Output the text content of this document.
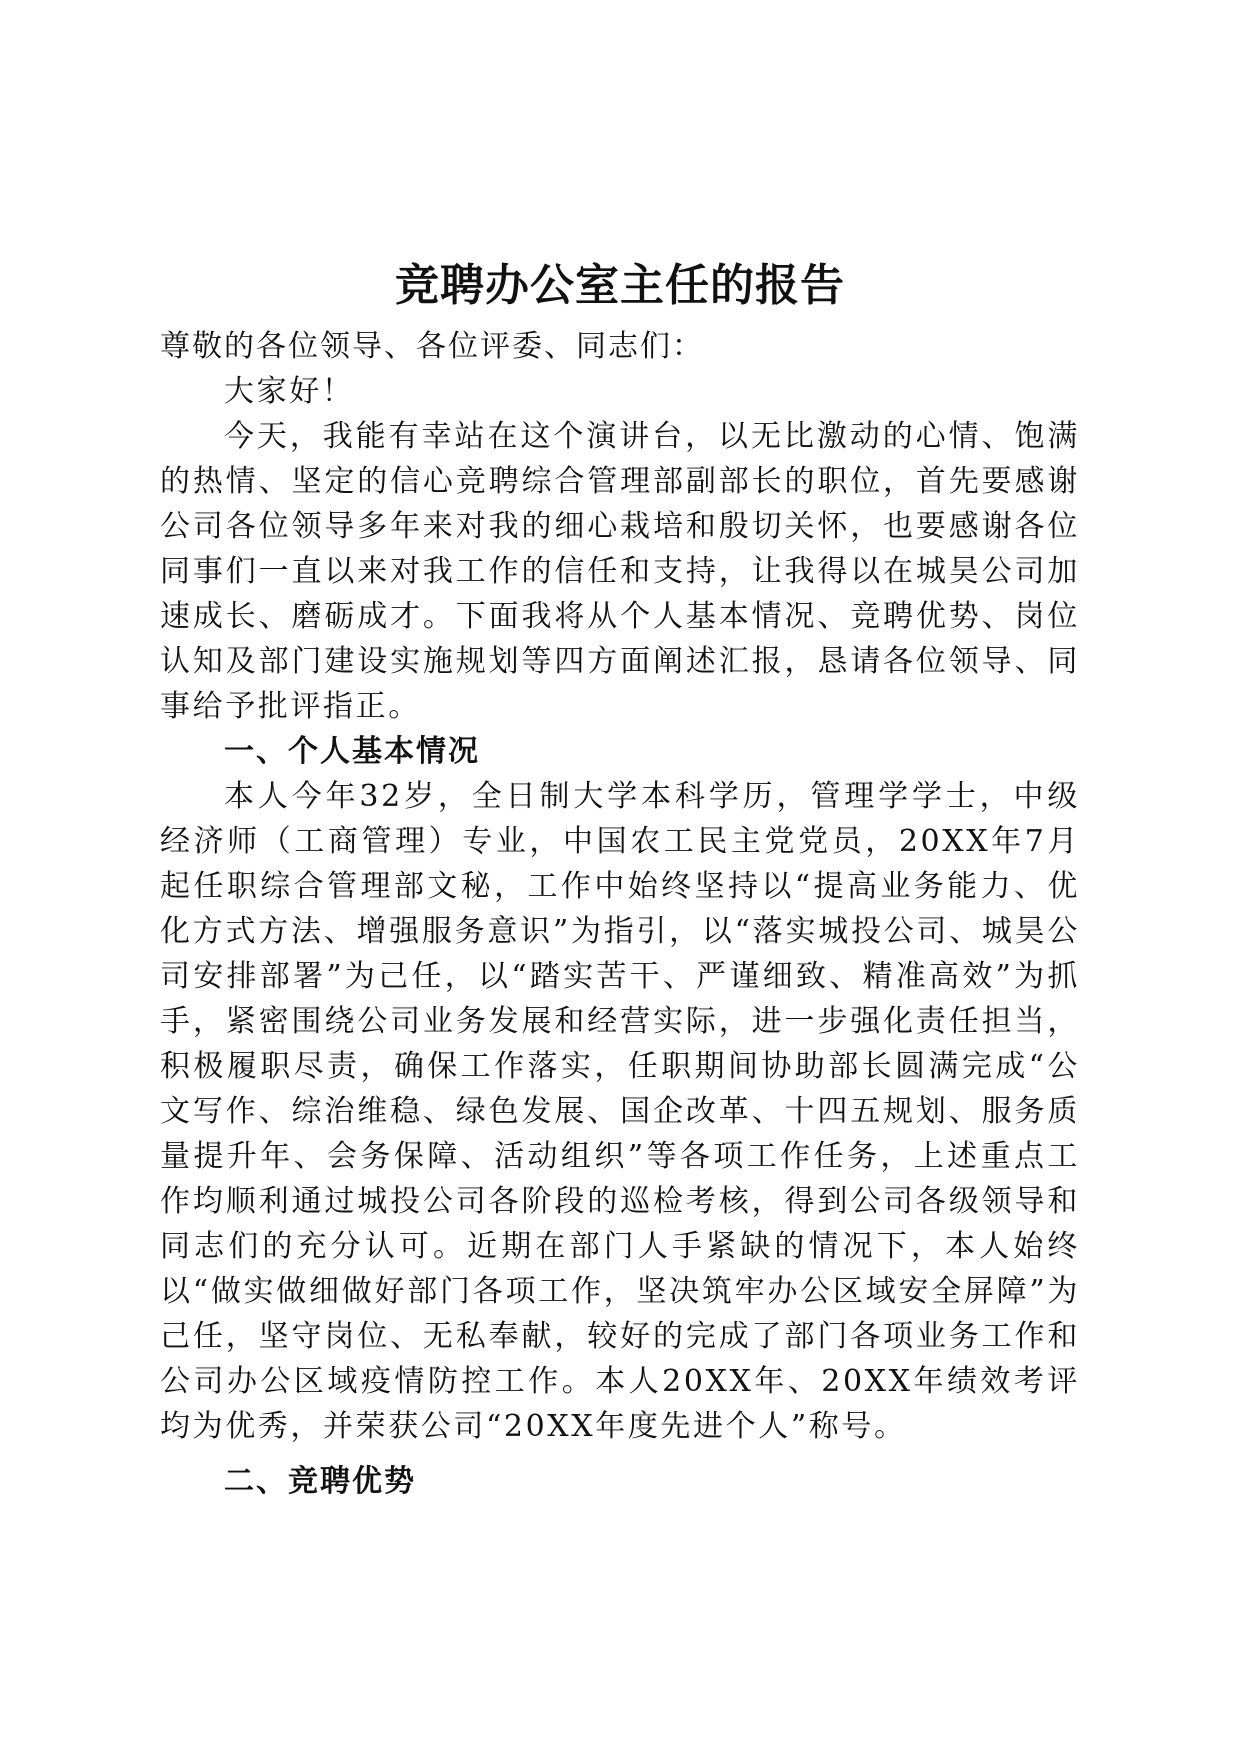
竞聘办公室主任的报告

尊敬的各位领导、各位评委、同志们：

大家好！

今天，我能有幸站在这个演讲台，以无比激动的心情、饱满的热情、坚定的信心竞聘综合管理部副部长的职位，首先要感谢公司各位领导多年来对我的细心栽培和殷切关怀，也要感谢各位同事们一直以来对我工作的信任和支持，让我得以在城昊公司加速成长、磨砺成才。下面我将从个人基本情况、竞聘优势、岗位认知及部门建设实施规划等四方面阐述汇报，恳请各位领导、同事给予批评指正。

一、个人基本情况

本人今年32岁，全日制大学本科学历，管理学学士，中级经济师（工商管理）专业，中国农工民主党党员，20XX年7月起任职综合管理部文秘，工作中始终坚持以“提高业务能力、优化方式方法、增强服务意识”为指引，以“落实城投公司、城昊公司安排部署”为己任，以“踏实苦干、严谨细致、精准高效”为抓手，紧密围绕公司业务发展和经营实际，进一步强化责任担当，积极履职尽责，确保工作落实，任职期间协助部长圆满完成“公文写作、综治维稳、绿色发展、国企改革、十四五规划、服务质量提升年、会务保障、活动组织”等各项工作任务，上述重点工作均顺利通过城投公司各阶段的巡检考核，得到公司各级领导和同志们的充分认可。近期在部门人手紧缺的情况下，本人始终以“做实做细做好部门各项工作，坚决筑牢办公区域安全屏障”为己任，坚守岗位、无私奉献，较好的完成了部门各项业务工作和公司办公区域疫情防控工作。本人20XX年、20XX年绩效考评均为优秀，并荣获公司“20XX年度先进个人”称号。

二、竞聘优势
